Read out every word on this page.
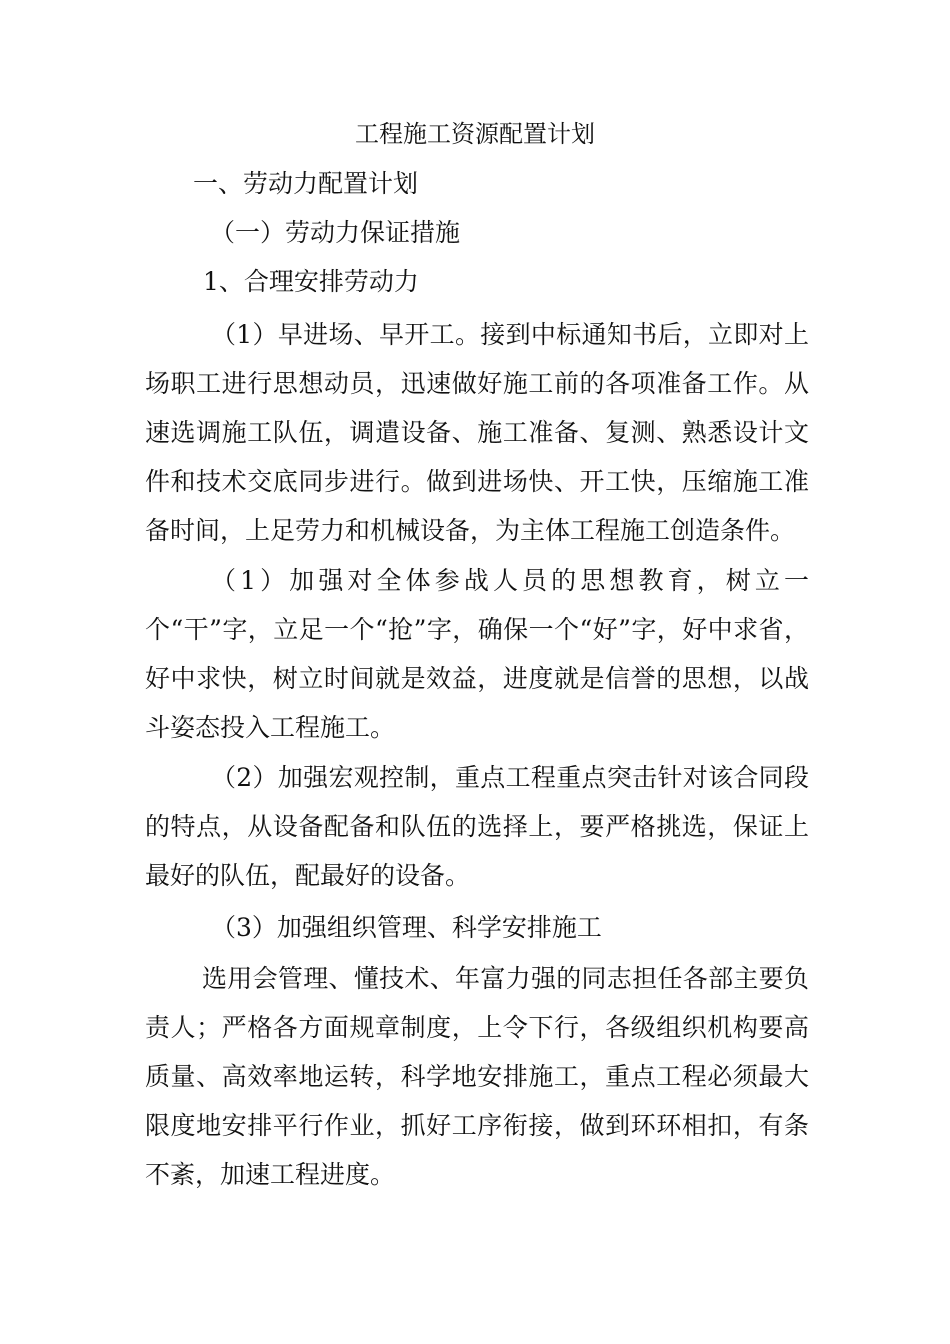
工程施工资源配置计划
一、劳动力配置计划
（一）劳动力保证措施
1、合理安排劳动力
（1）早进场、早开工。接到中标通知书后，立即对上场职工进行思想动员，迅速做好施工前的各项准备工作。从速选调施工队伍，调遣设备、施工准备、复测、熟悉设计文件和技术交底同步进行。做到进场快、开工快，压缩施工准备时间，上足劳力和机械设备，为主体工程施工创造条件。
（1）加强对全体参战人员的思想教育，树立一个“干”字，立足一个“抢”字，确保一个“好”字，好中求省，好中求快，树立时间就是效益，进度就是信誉的思想，以战斗姿态投入工程施工。
（2）加强宏观控制，重点工程重点突击针对该合同段的特点，从设备配备和队伍的选择上，要严格挑选，保证上最好的队伍，配最好的设备。
（3）加强组织管理、科学安排施工
选用会管理、懂技术、年富力强的同志担任各部主要负责人；严格各方面规章制度，上令下行，各级组织机构要高质量、高效率地运转，科学地安排施工，重点工程必须最大限度地安排平行作业，抓好工序衔接，做到环环相扣，有条不紊，加速工程进度。
